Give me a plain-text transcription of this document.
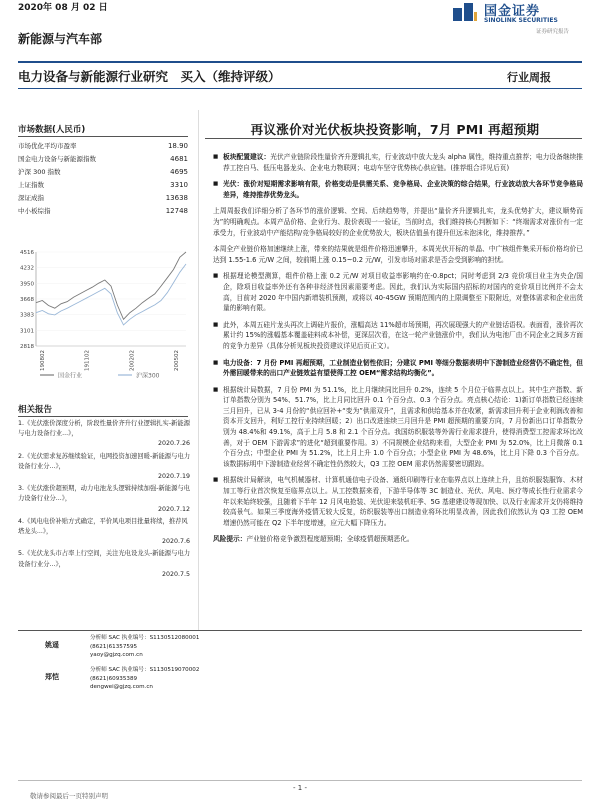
2020年 08 月 02 日	国金证券
SINOLINK SECURITIES
证券研究报告
新能源与汽车部
电力设备与新能源行业研究　买入（维持评级）	行业周报
市场数据(人民币)
市场优化平均市盈率	18.90
国金电力设备与新能源指数	4681
沪深 300 指数	4695
上证指数	3310
深证成指	13638
中小板综指	12748
4516
4232
3950
3668
3383
3101
2818
190802	191102	200202	200502
国金行业	沪深300
相关报告
1.《光伏涨价深度分析，阶段性量价齐升行业逻辑扎实-新能源与电力设备行业...》，
2020.7.26
2.《光伏需求复苏继续验证，电网投资加速回暖-新能源与电力设备行业分...》，
2020.7.19
3.《光伏涨价超预期，动力电池龙头逻辑持续加强-新能源与电力设备行业分...》，
2020.7.12
4.《风电电价补贴方式确定，平价风电项目批量将续，推荐风塔龙头...》，
2020.7.6
5.《光伏龙头市占率上行空间，关注光电设龙头-新能源与电力设备行业分...》，
2020.7.5
姚遥
分析师 SAC 执业编号：S1130512080001
(8621)61357595
yaoy@gjzq.com.cn
郑恺
分析师 SAC 执业编号：S1130519070002
(8621)60935389
dengwei@gjzq.com.cn
再议涨价对光伏板块投资影响，7月 PMI 再超预期
■ 板块配置建议：光伏产业链阶段性量价齐升逻辑扎实，行业波动中放大龙头 alpha 属性，维持重点推荐；电力设备继续推荐工控自马、低压电器龙头、企业电力物联网；电动车坚守优势核心供应链。(推荐组合详见后页)
■ 光伏：涨价对短期需求影响有限，价格变动是供需关系、竞争格局、企业决策的综合结果，行业波动放大各环节竞争格局差异，维持推荐优势龙头。
上周周报我们详细分析了各环节的涨价逻辑、空间、后续趋势等，并提出“量价齐升逻辑扎实，龙头优势扩大，建议顺势而为”的明确观点。本周产品价格、企业行为、股价表现一一验证，当前时点，我们维持核心判断如下：“终端需求对涨价有一定承受力，行业波动中产能结构/竞争格局较好的企业优势放大，板块估值虽有提升但远未泡沫化，维持推荐。”
本周全产业链价格加速继续上涨，带来的结果就是组件价格迅速攀升，本周光伏开标的单晶、中广核组件集采开标价格均价已达到 1.55-1.6 元/W 之间，较前期上涨 0.15~0.2 元/W，引发市场对需求是否会受到影响的担忧。
■ 根据理论模型测算，组件价格上涨 0.2 元/W 对项目收益率影响约在-0.8pct；同时考虑到 2/3 竞价项目业主为央企/国企，除项目收益率外还有各种非经济性因素需要考虑。因此，我们认为实际国内招标的对国内的竞价项目比例并不会太高，目前对 2020 年中国内新增装机预测，或将以 40-45GW 预期范围内的上限调整至下限附近，对整体需求和企业出货量的影响有限。
■ 此外，本周五硅片龙头再次上调硅片报价，涨幅高达 11%超市场预期，再次展现强大的产业链话语权。表面看，涨价再次累计约 15%的涨幅基本覆盖硅料成本补偿，更深层次看，在这一轮产业链涨价中，我们认为电池厂由不同企业之间多方面的竞争力差异（具体分析见板块投资建议详见后页正文）。
■ 电力设备：7 月份 PMI 再超预期，工业制造业韧性依旧；分建议 PMI 等细分数据表明中下游制造业经营仍不确定性，但外需回暖带来的出口产业链效益有望使得工控 OEM“需求结构均衡化”。
■ 根据统计局数据，7 月份 PMI 为 51.1%，比上月继续同比回升 0.2%，连续 5 个月位于临界点以上。其中生产指数、新订单指数分别为 54%、51.7%，比上月同比回升 0.1 个百分点、0.3 个百分点。亮点核心结论：1)新订单指数已经连续三月回升，已从 3-4 月份的“供应回补+“变为”供需双升”，且需求和供给基本并在收紧，新需求回升利于企业利润改善和资本开支回升，利好工控行业持续回暖；2）出口改进连续三月回升是 PMI 超预期的重要方向，7 月份新出口订单指数分别为 48.4%和 49.1%，高于上月 5.8 和 2.1 个百分点。我国纺织服装等外需行业需求提升，使得消费型工控需求环比改善，对于 OEM 下游需求”的进化“超到重要作用。3）不同规模企业结构来看，大型企业 PMI 为 52.0%，比上月微落 0.1 个百分点；中型企业 PMI 为 51.2%，比上月上升 1.0 个百分点；小型企业 PMI 为 48.6%，比上月下降 0.3 个百分点。该数据标明中下游制造业经营不确定性仍然较大，Q3 工控 OEM 需求仍然需要密切跟踪。
■ 根据统计局解读，电气机械器材、计算机通信电子设备、通纸印刷等行业在临界点以上连续上升，且纺织服装服饰、木材加工等行业首次恢复至临界点以上。从工控数据来看，下游半导体等 3C 制造业、光伏、风电、医疗等成长性行业需求今年以来始终较强，且随着下半年 12 月风电抢装、光伏迎来装机旺季、5G 基建建设等现加快、以及行业需求开支仍将维持较高景气。如果三季度海外疫情无较大反复，纺织服装等出口制造业将环比明显改善，因此我们依然认为 Q3 工控 OEM 增速仍然可能在 Q2 下半年度增速，应元大幅下降压力。
风险提示：产业链价格竞争激烈程度超预期；全球疫情超预期恶化。
- 1 -
敬请参阅最后一页特别声明
